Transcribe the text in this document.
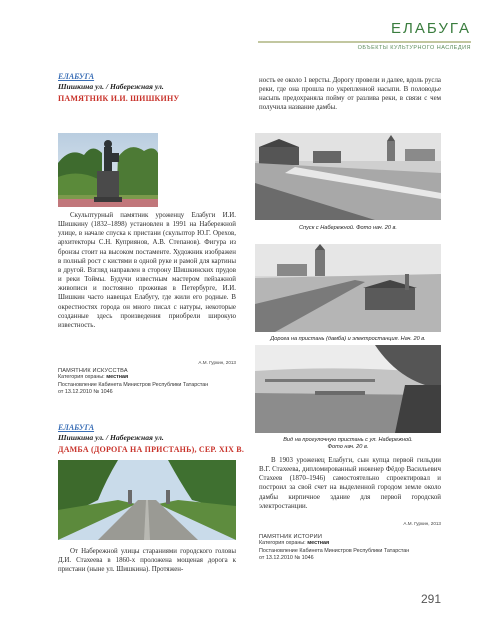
ЕЛАБУГА
ОБЪЕКТЫ КУЛЬТУРНОГО НАСЛЕДИЯ
ЕЛАБУГА
Шишкина ул. / Набережная ул.
ПАМЯТНИК И.И. ШИШКИНУ
Скульптурный памятник уроженцу Елабуги И.И. Шишкину (1832–1898) установлен в 1991 на Набережной улице, в начале спуска к пристани (скульптор Ю.Г. Орехов, архитекторы С.Н. Куприянов, А.В. Степанов). Фигура из бронзы стоит на высоком постаменте. Художник изображен в полный рост с кистями в одной руке и рамой для картины в другой. Взгляд направлен в сторону Шишкинских прудов и реки Тоймы. Будучи известным мастером пейзажной живописи и постоянно проживая в Петербурге, И.И. Шишкин часто навещал Елабугу, где жили его родные. В окрестностях города он много писал с натуры, некоторые созданные здесь произведения приобрели широкую известность.
А.М. Гуркин, 2013
ПАМЯТНИК ИСКУССТВА
Категория охраны: местная
Постановление Кабинета Министров Республики Татарстан
от 13.12.2010 № 1046
ЕЛАБУГА
Шишкина ул. / Набережная ул.
ДАМБА (ДОРОГА НА ПРИСТАНЬ), СЕР. XIX В.
От Набережной улицы стараниями городского головы Д.И. Стахеева в 1860-х проложена мощеная дорога к пристани (ныне ул. Шишкина). Протяжен-
ность ее около 1 версты. Дорогу провели и далее, вдоль русла реки, где она прошла по укрепленной насыпи. В половодье насыпь предохраняла пойму от разлива реки, в связи с чем получила название дамбы.
Спуск с Набережной. Фото нач. 20 в.
Дорога на пристань (дамба) и электростанция. Нач. 20 в.
Вид на прогулочную пристань с ул. Набережной.
Фото нач. 20 в.
В 1903 уроженец Елабуги, сын купца первой гильдии В.Г. Стахеева, дипломированный инженер Фёдор Васильевич Стахеев (1870–1946) самостоятельно спроектировал и построил за свой счет на выделенной городом земле около дамбы кирпичное здание для первой городской электростанции.
А.М. Гуркин, 2013
ПАМЯТНИК ИСТОРИИ
Категория охраны: местная
Постановление Кабинета Министров Республики Татарстан
от 13.12.2010 № 1046
291
